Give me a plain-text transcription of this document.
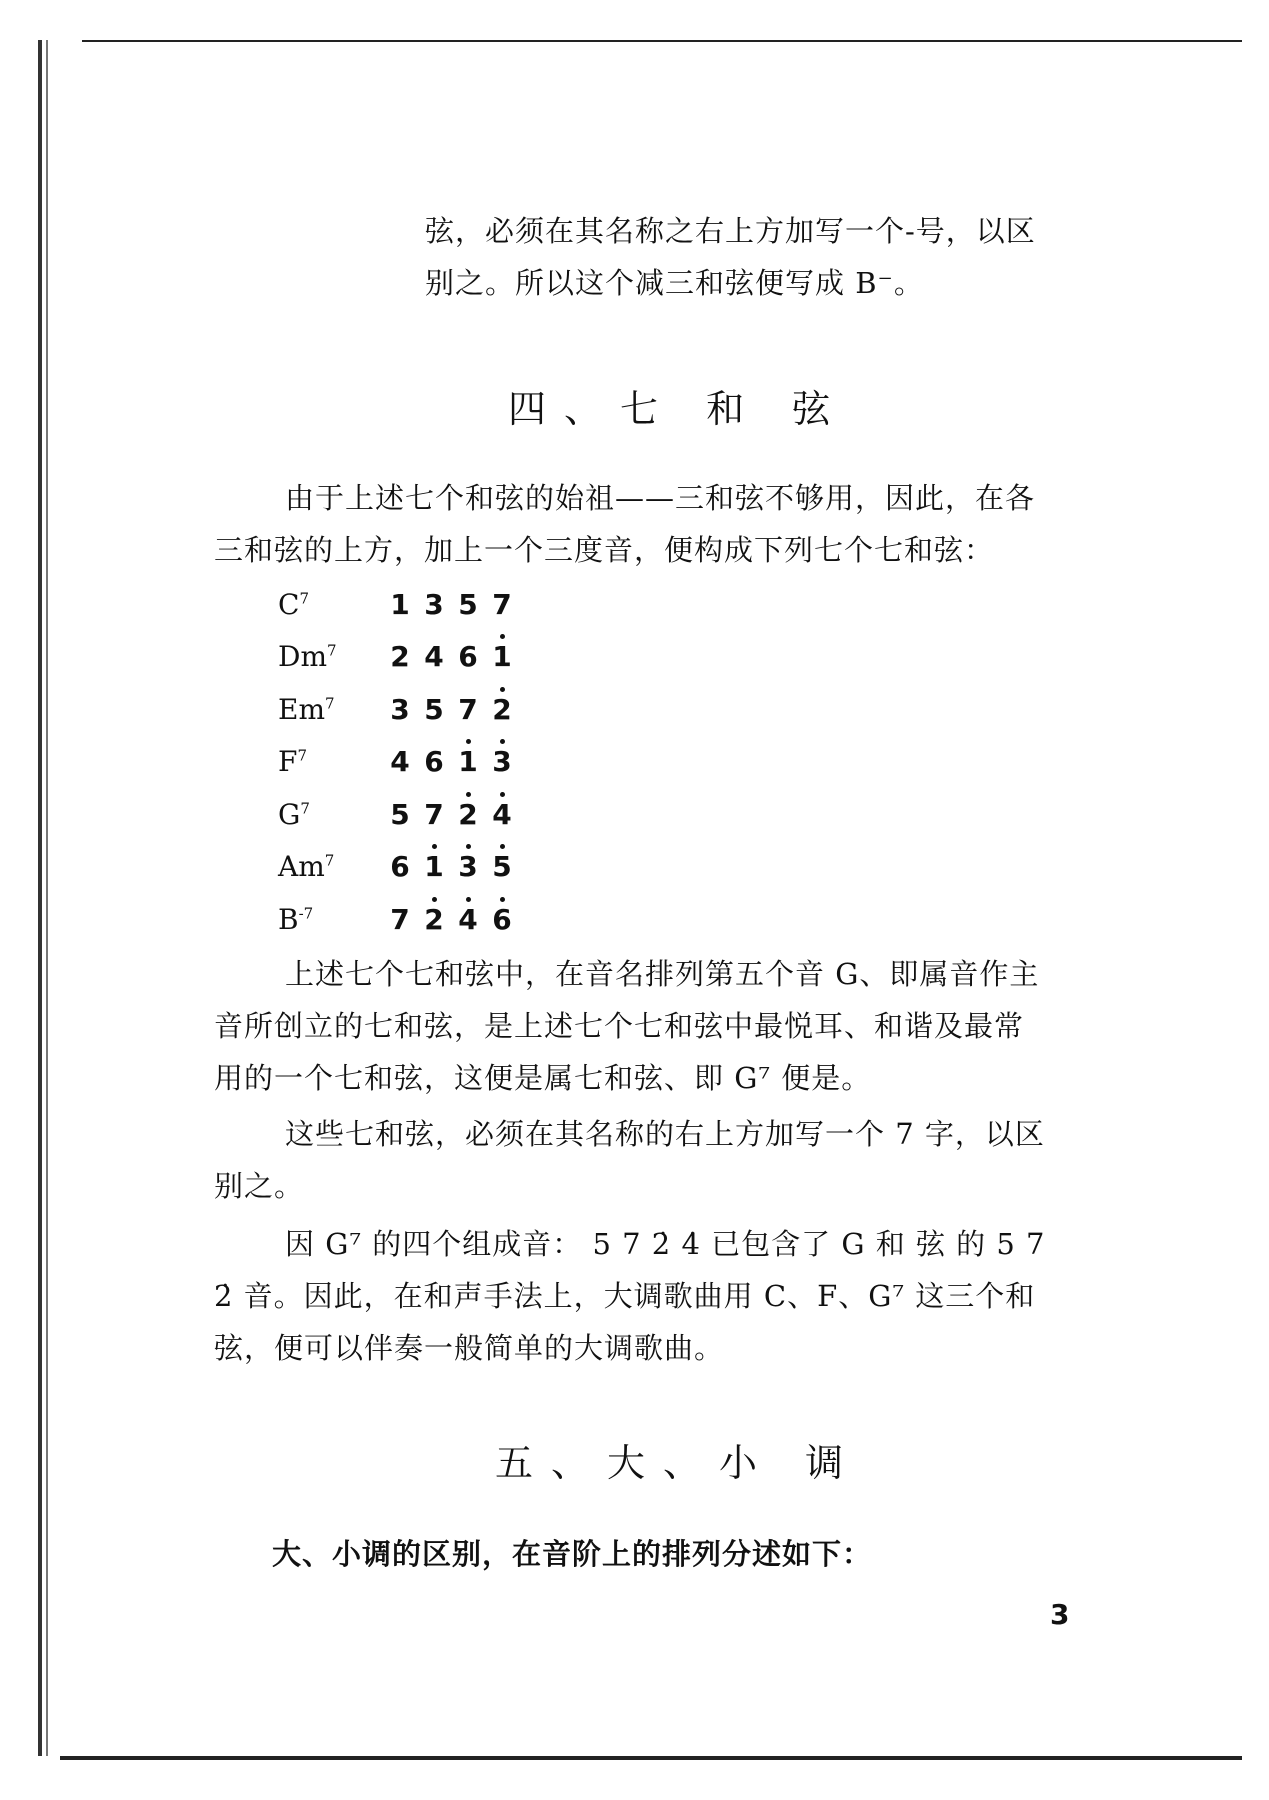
弦，必须在其名称之右上方加写一个-号，以区
别之。所以这个减三和弦便写成 B⁻。
四、七 和 弦
由于上述七个和弦的始祖——三和弦不够用，因此，在各
三和弦的上方，加上一个三度音，便构成下列七个七和弦：
$C^7$	1 3 5 7
Dm$^7$	2 4 6 1
Em$^7$	3 5 7 2
$F^7$	4 6 1 3
$G^7$	5 7 2 4
Am$^7$	6 1 3 5
$B^{-7}$	7 2 4 6
上述七个七和弦中，在音名排列第五个音 G、即属音作主
音所创立的七和弦，是上述七个七和弦中最悦耳、和谐及最常
用的一个七和弦，这便是属七和弦、即 G⁷ 便是。
这些七和弦，必须在其名称的右上方加写一个 7 字，以区
别之。
因 G⁷ 的四个组成音： 5 7 2̇ 4̇ 已包含了 G 和 弦 的 5 7
2̇ 音。因此，在和声手法上，大调歌曲用 C、F、G⁷ 这三个和
弦，便可以伴奏一般简单的大调歌曲。
五、大、小 调
大、小调的区别，在音阶上的排列分述如下：
3
